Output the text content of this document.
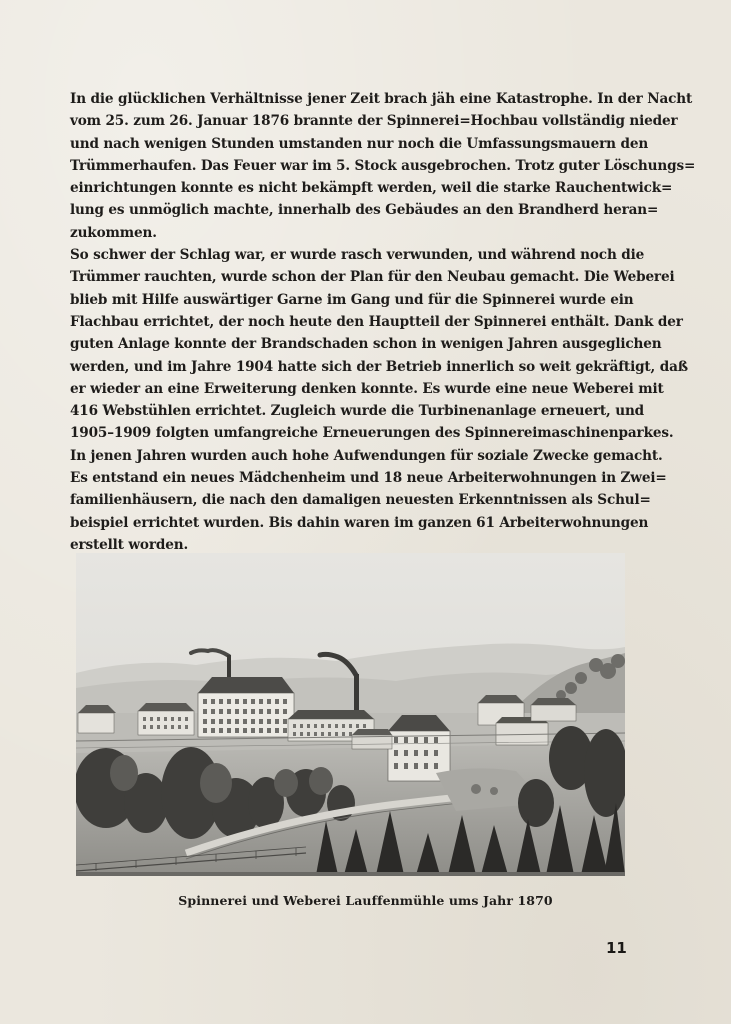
In die glücklichen Verhältnisse jener Zeit brach jäh eine Katastrophe. In der Nacht
vom 25. zum 26. Januar 1876 brannte der Spinnerei=Hochbau vollständig nieder
und nach wenigen Stunden umstanden nur noch die Umfassungsmauern den
Trümmerhaufen. Das Feuer war im 5. Stock ausgebrochen. Trotz guter Löschungs=
einrichtungen konnte es nicht bekämpft werden, weil die starke Rauchentwick=
lung es unmöglich machte, innerhalb des Gebäudes an den Brandherd heran=
zukommen.
So schwer der Schlag war, er wurde rasch verwunden, und während noch die
Trümmer rauchten, wurde schon der Plan für den Neubau gemacht. Die Weberei
blieb mit Hilfe auswärtiger Garne im Gang und für die Spinnerei wurde ein
Flachbau errichtet, der noch heute den Hauptteil der Spinnerei enthält. Dank der
guten Anlage konnte der Brandschaden schon in wenigen Jahren ausgeglichen
werden, und im Jahre 1904 hatte sich der Betrieb innerlich so weit gekräftigt, daß
er wieder an eine Erweiterung denken konnte. Es wurde eine neue Weberei mit
416 Webstühlen errichtet. Zugleich wurde die Turbinenanlage erneuert, und
1905–1909 folgten umfangreiche Erneuerungen des Spinnereimaschinenparkes.
In jenen Jahren wurden auch hohe Aufwendungen für soziale Zwecke gemacht.
Es entstand ein neues Mädchenheim und 18 neue Arbeiterwohnungen in Zwei=
familienhäusern, die nach den damaligen neuesten Erkenntnissen als Schul=
beispiel errichtet wurden. Bis dahin waren im ganzen 61 Arbeiterwohnungen
erstellt worden.
Spinnerei und Weberei Lauffenmühle ums Jahr 1870
11
